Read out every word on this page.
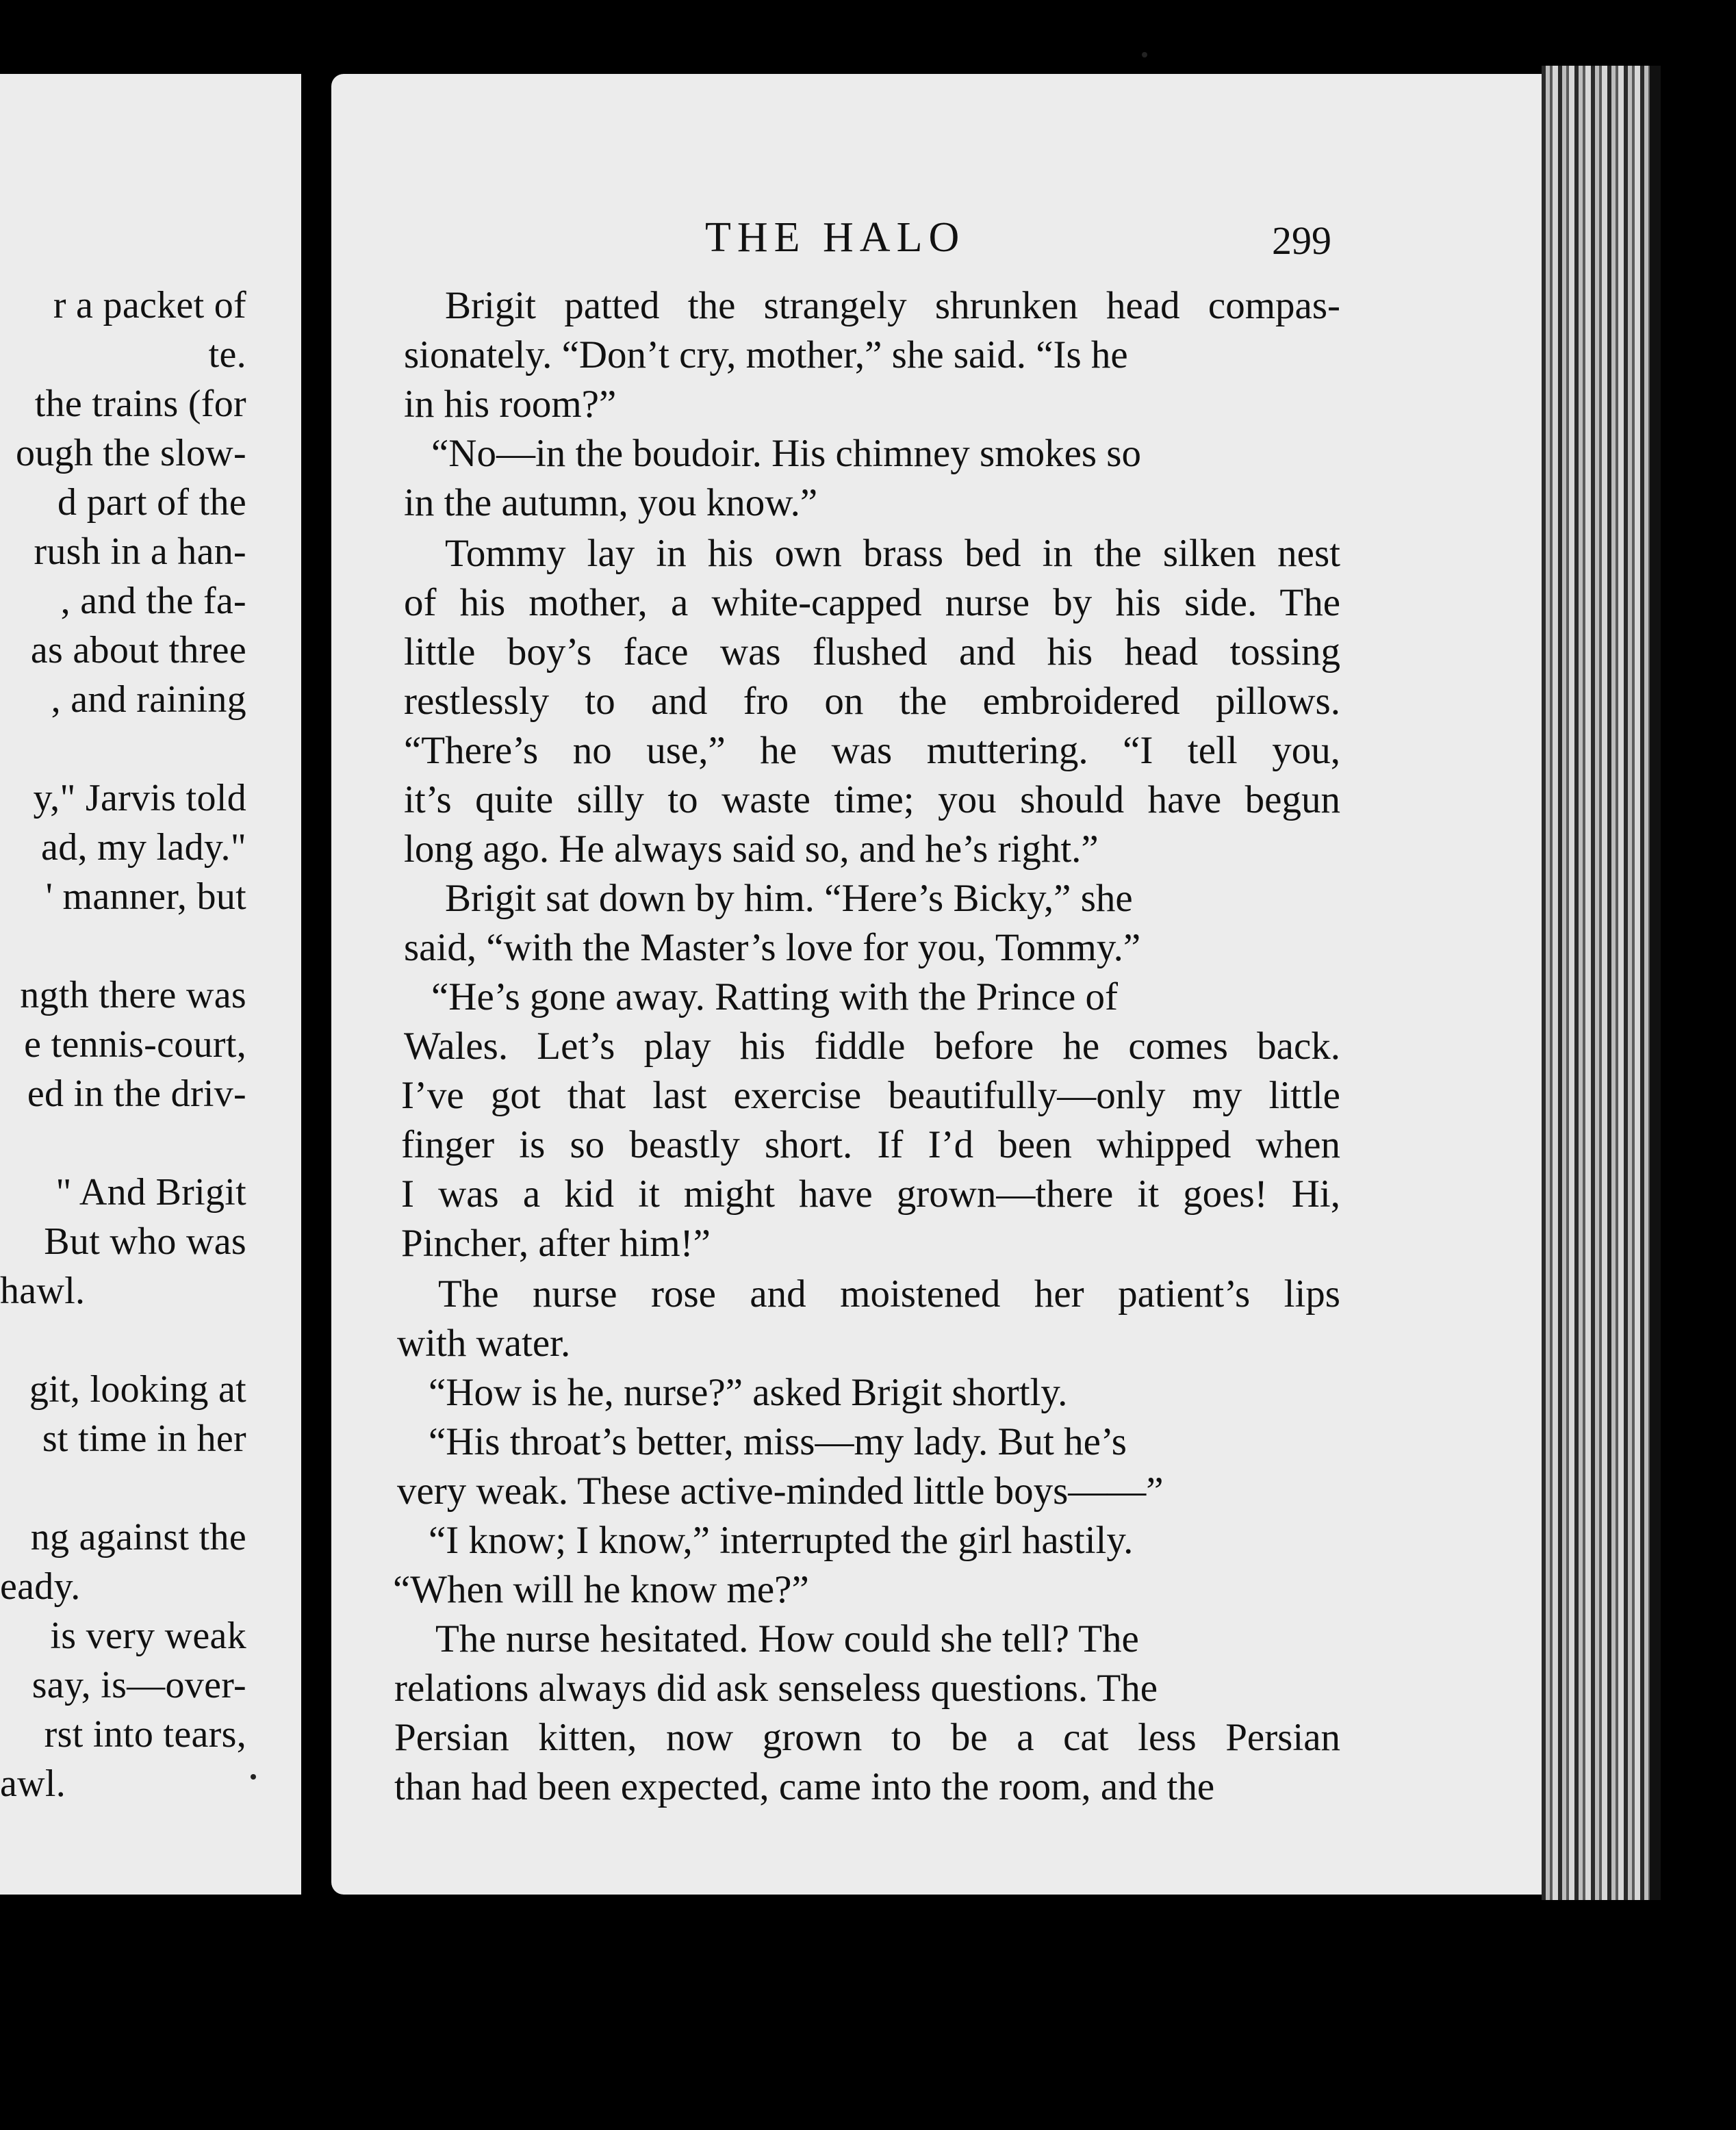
r a packet of
te.
the trains (for
ough the slow-
d part of the
rush in a han-
, and the fa-
as about three
, and raining
y," Jarvis told
ad, my lady."
' manner, but
ngth there was
e tennis-court,
ed in the driv-
" And Brigit
But who was
hawl.
git, looking at
st time in her
ng against the
eady.
is very weak
say, is—over-
rst into tears,
awl.
THE HALO	299
Brigit patted the strangely shrunken head compas-
sionately. “Don’t cry, mother,” she said. “Is he
in his room?”
“No—in the boudoir. His chimney smokes so
in the autumn, you know.”
Tommy lay in his own brass bed in the silken nest
of his mother, a white-capped nurse by his side. The
little boy’s face was flushed and his head tossing
restlessly to and fro on the embroidered pillows.
“There’s no use,” he was muttering. “I tell you,
it’s quite silly to waste time; you should have begun
long ago. He always said so, and he’s right.”
Brigit sat down by him. “Here’s Bicky,” she
said, “with the Master’s love for you, Tommy.”
“He’s gone away. Ratting with the Prince of
Wales. Let’s play his fiddle before he comes back.
I’ve got that last exercise beautifully—only my little
finger is so beastly short. If I’d been whipped when
I was a kid it might have grown—there it goes! Hi,
Pincher, after him!”
The nurse rose and moistened her patient’s lips
with water.
“How is he, nurse?” asked Brigit shortly.
“His throat’s better, miss—my lady. But he’s
very weak. These active-minded little boys——”
“I know; I know,” interrupted the girl hastily.
“When will he know me?”
The nurse hesitated. How could she tell? The
relations always did ask senseless questions. The
Persian kitten, now grown to be a cat less Persian
than had been expected, came into the room, and the
